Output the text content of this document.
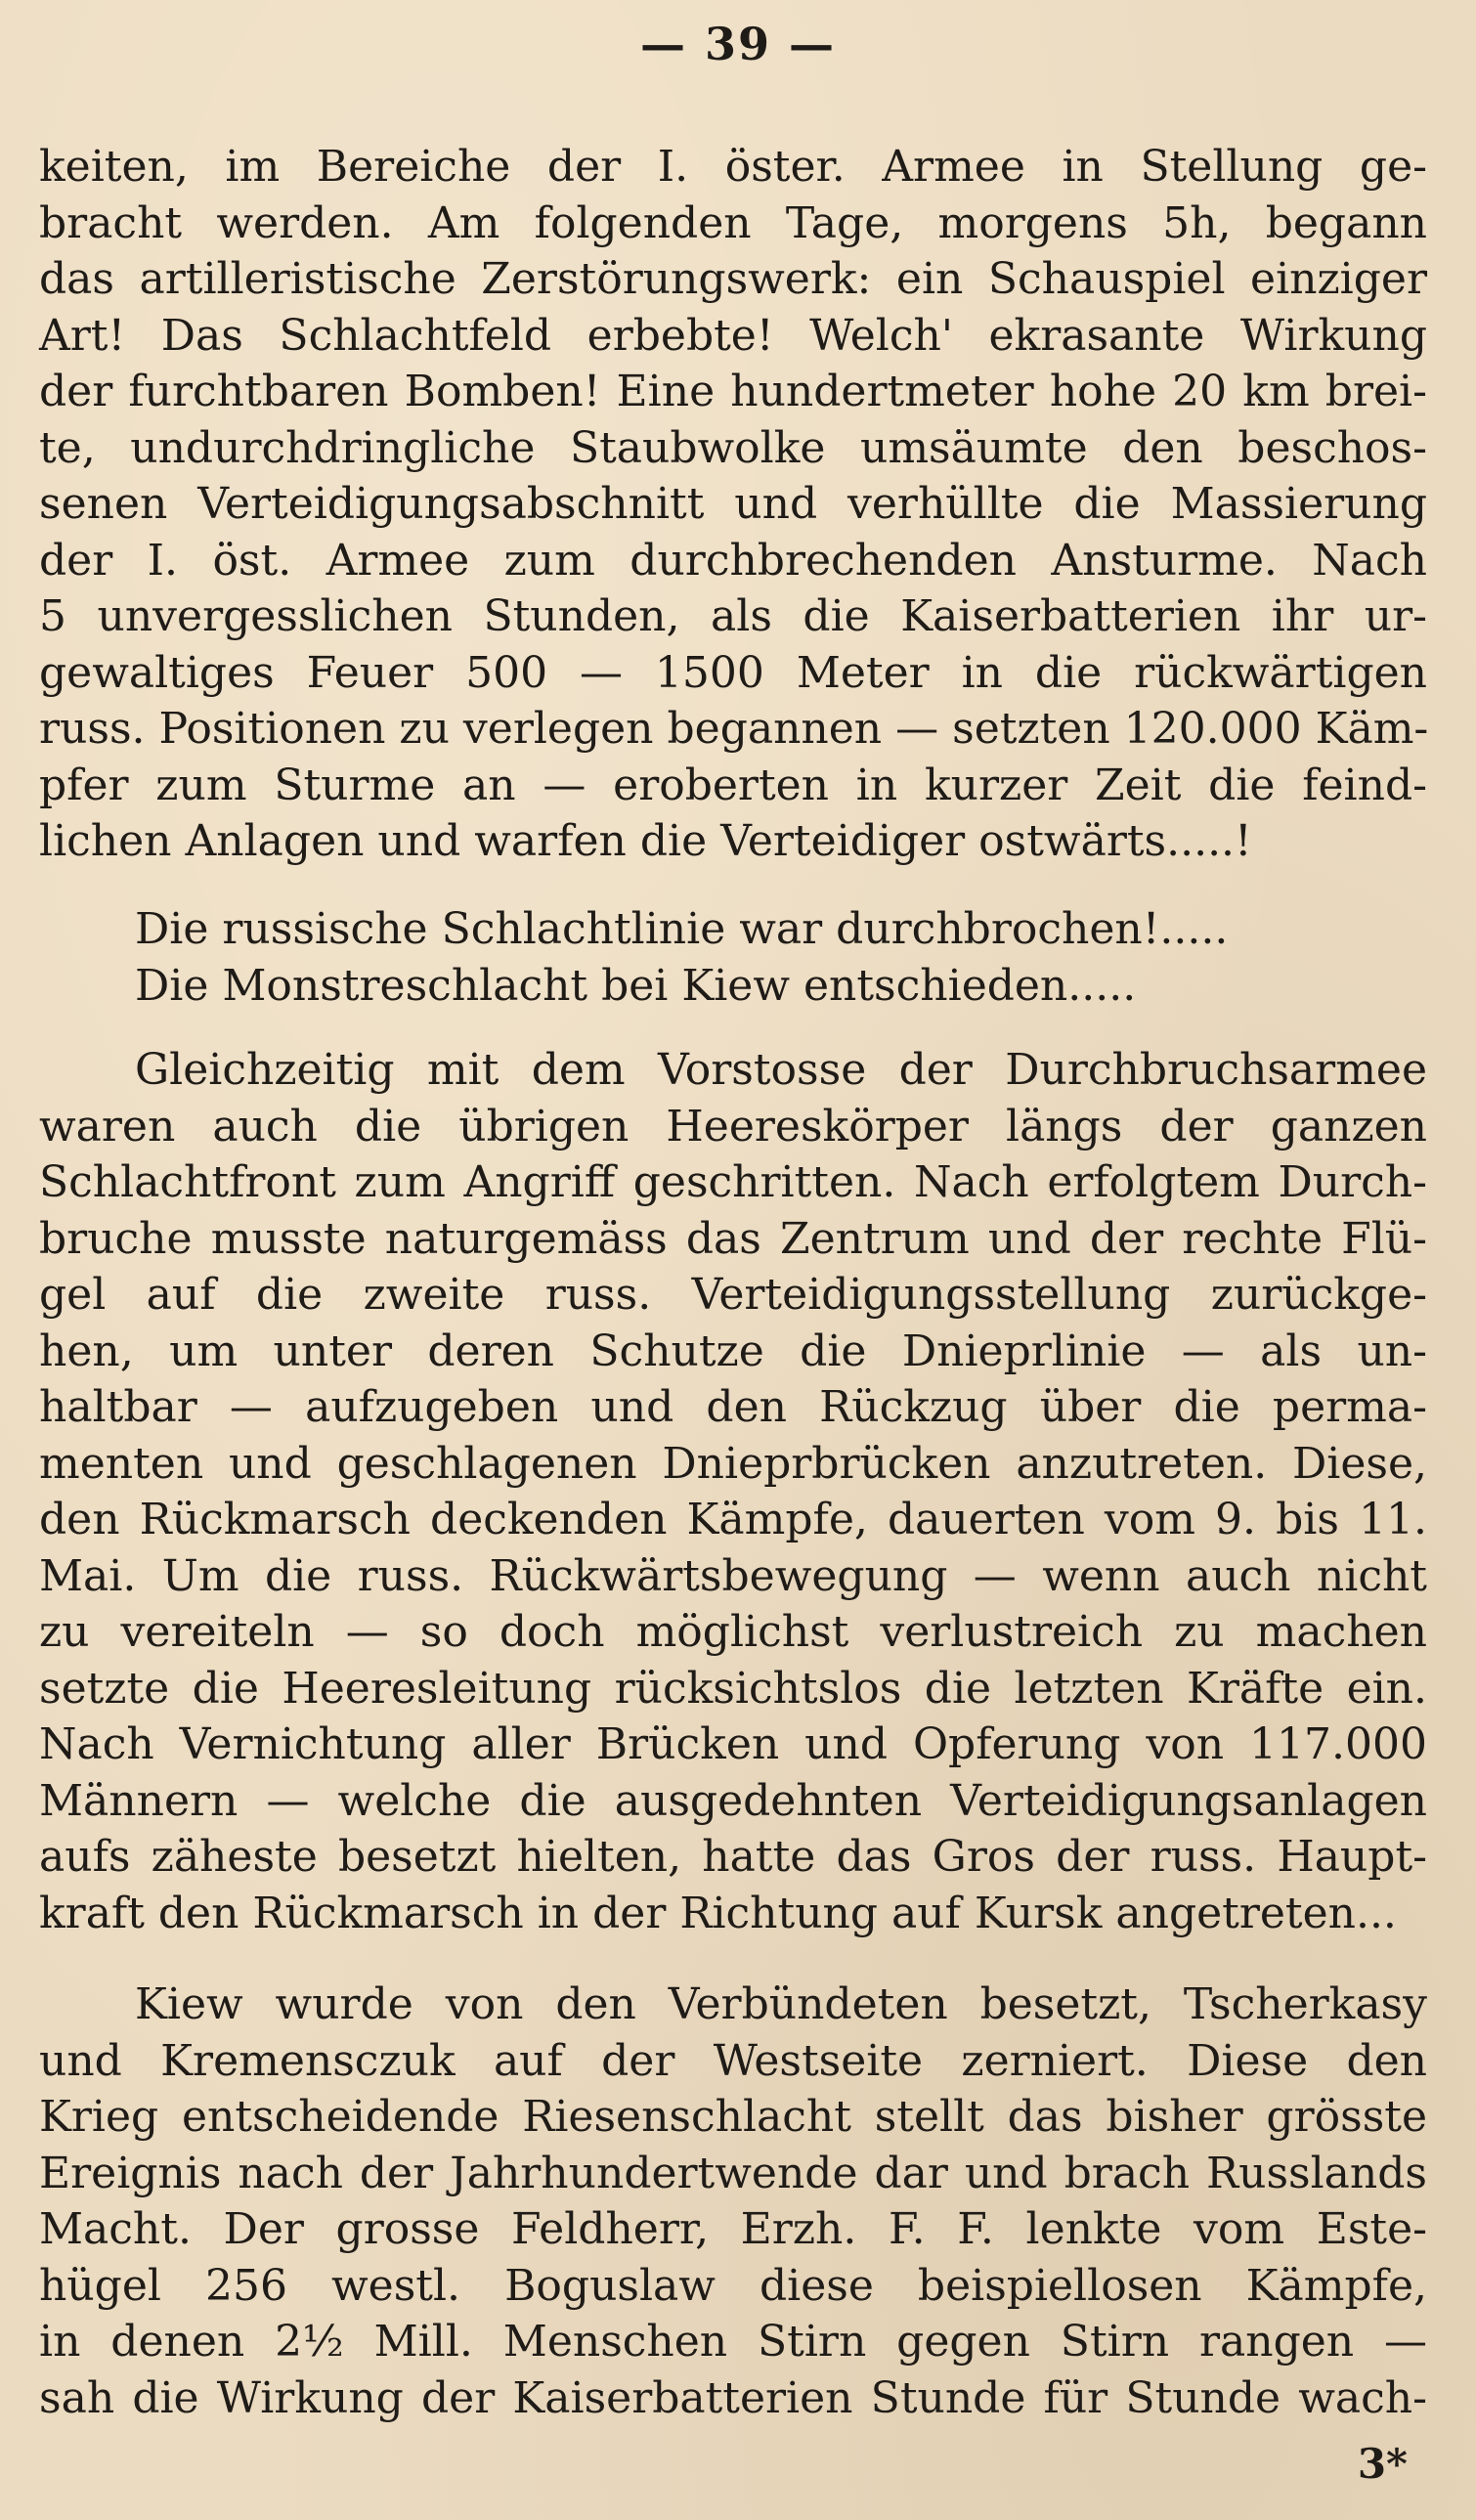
— 39 —
keiten, im Bereiche der I. öster. Armee in Stellung ge-
bracht werden. Am folgenden Tage, morgens 5h, begann
das artilleristische Zerstörungswerk: ein Schauspiel einziger
Art! Das Schlachtfeld erbebte! Welch' ekrasante Wirkung
der furchtbaren Bomben! Eine hundertmeter hohe 20 km brei-
te, undurchdringliche Staubwolke umsäumte den beschos-
senen Verteidigungsabschnitt und verhüllte die Massierung
der I. öst. Armee zum durchbrechenden Ansturme. Nach
5 unvergesslichen Stunden, als die Kaiserbatterien ihr ur-
gewaltiges Feuer 500 — 1500 Meter in die rückwärtigen
russ. Positionen zu verlegen begannen — setzten 120.000 Käm-
pfer zum Sturme an — eroberten in kurzer Zeit die feind-
lichen Anlagen und warfen die Verteidiger ostwärts.....!
Die russische Schlachtlinie war durchbrochen!.....
Die Monstreschlacht bei Kiew entschieden.....
Gleichzeitig mit dem Vorstosse der Durchbruchsarmee
waren auch die übrigen Heereskörper längs der ganzen
Schlachtfront zum Angriff geschritten. Nach erfolgtem Durch-
bruche musste naturgemäss das Zentrum und der rechte Flü-
gel auf die zweite russ. Verteidigungsstellung zurückge-
hen, um unter deren Schutze die Dnieprlinie — als un-
haltbar — aufzugeben und den Rückzug über die perma-
menten und geschlagenen Dnieprbrücken anzutreten. Diese,
den Rückmarsch deckenden Kämpfe, dauerten vom 9. bis 11.
Mai. Um die russ. Rückwärtsbewegung — wenn auch nicht
zu vereiteln — so doch möglichst verlustreich zu machen
setzte die Heeresleitung rücksichtslos die letzten Kräfte ein.
Nach Vernichtung aller Brücken und Opferung von 117.000
Männern — welche die ausgedehnten Verteidigungsanlagen
aufs zäheste besetzt hielten, hatte das Gros der russ. Haupt-
kraft den Rückmarsch in der Richtung auf Kursk angetreten...
Kiew wurde von den Verbündeten besetzt, Tscherkasy
und Kremensczuk auf der Westseite zerniert. Diese den
Krieg entscheidende Riesenschlacht stellt das bisher grösste
Ereignis nach der Jahrhundertwende dar und brach Russlands
Macht. Der grosse Feldherr, Erzh. F. F. lenkte vom Este-
hügel 256 westl. Boguslaw diese beispiellosen Kämpfe,
in denen 2½ Mill. Menschen Stirn gegen Stirn rangen —
sah die Wirkung der Kaiserbatterien Stunde für Stunde wach-
3*
